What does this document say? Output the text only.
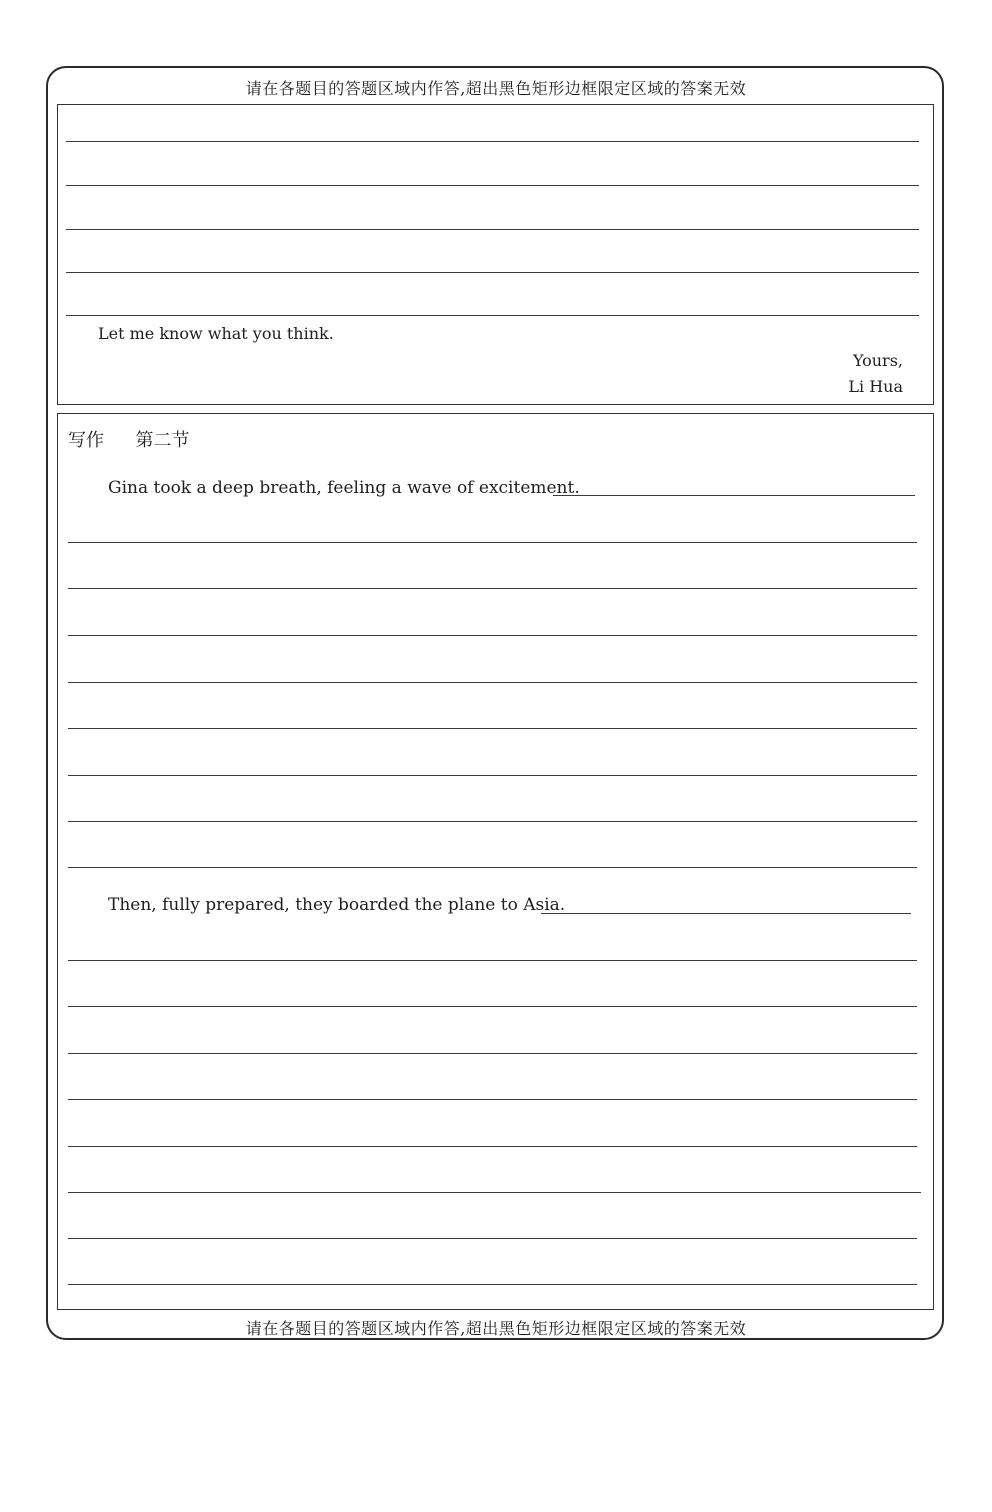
请在各题目的答题区域内作答,超出黑色矩形边框限定区域的答案无效
Let me know what you think.
Yours,
Li Hua
写作 第二节
Gina took a deep breath, feeling a wave of excitement.
Then, fully prepared, they boarded the plane to Asia.
请在各题目的答题区域内作答,超出黑色矩形边框限定区域的答案无效
